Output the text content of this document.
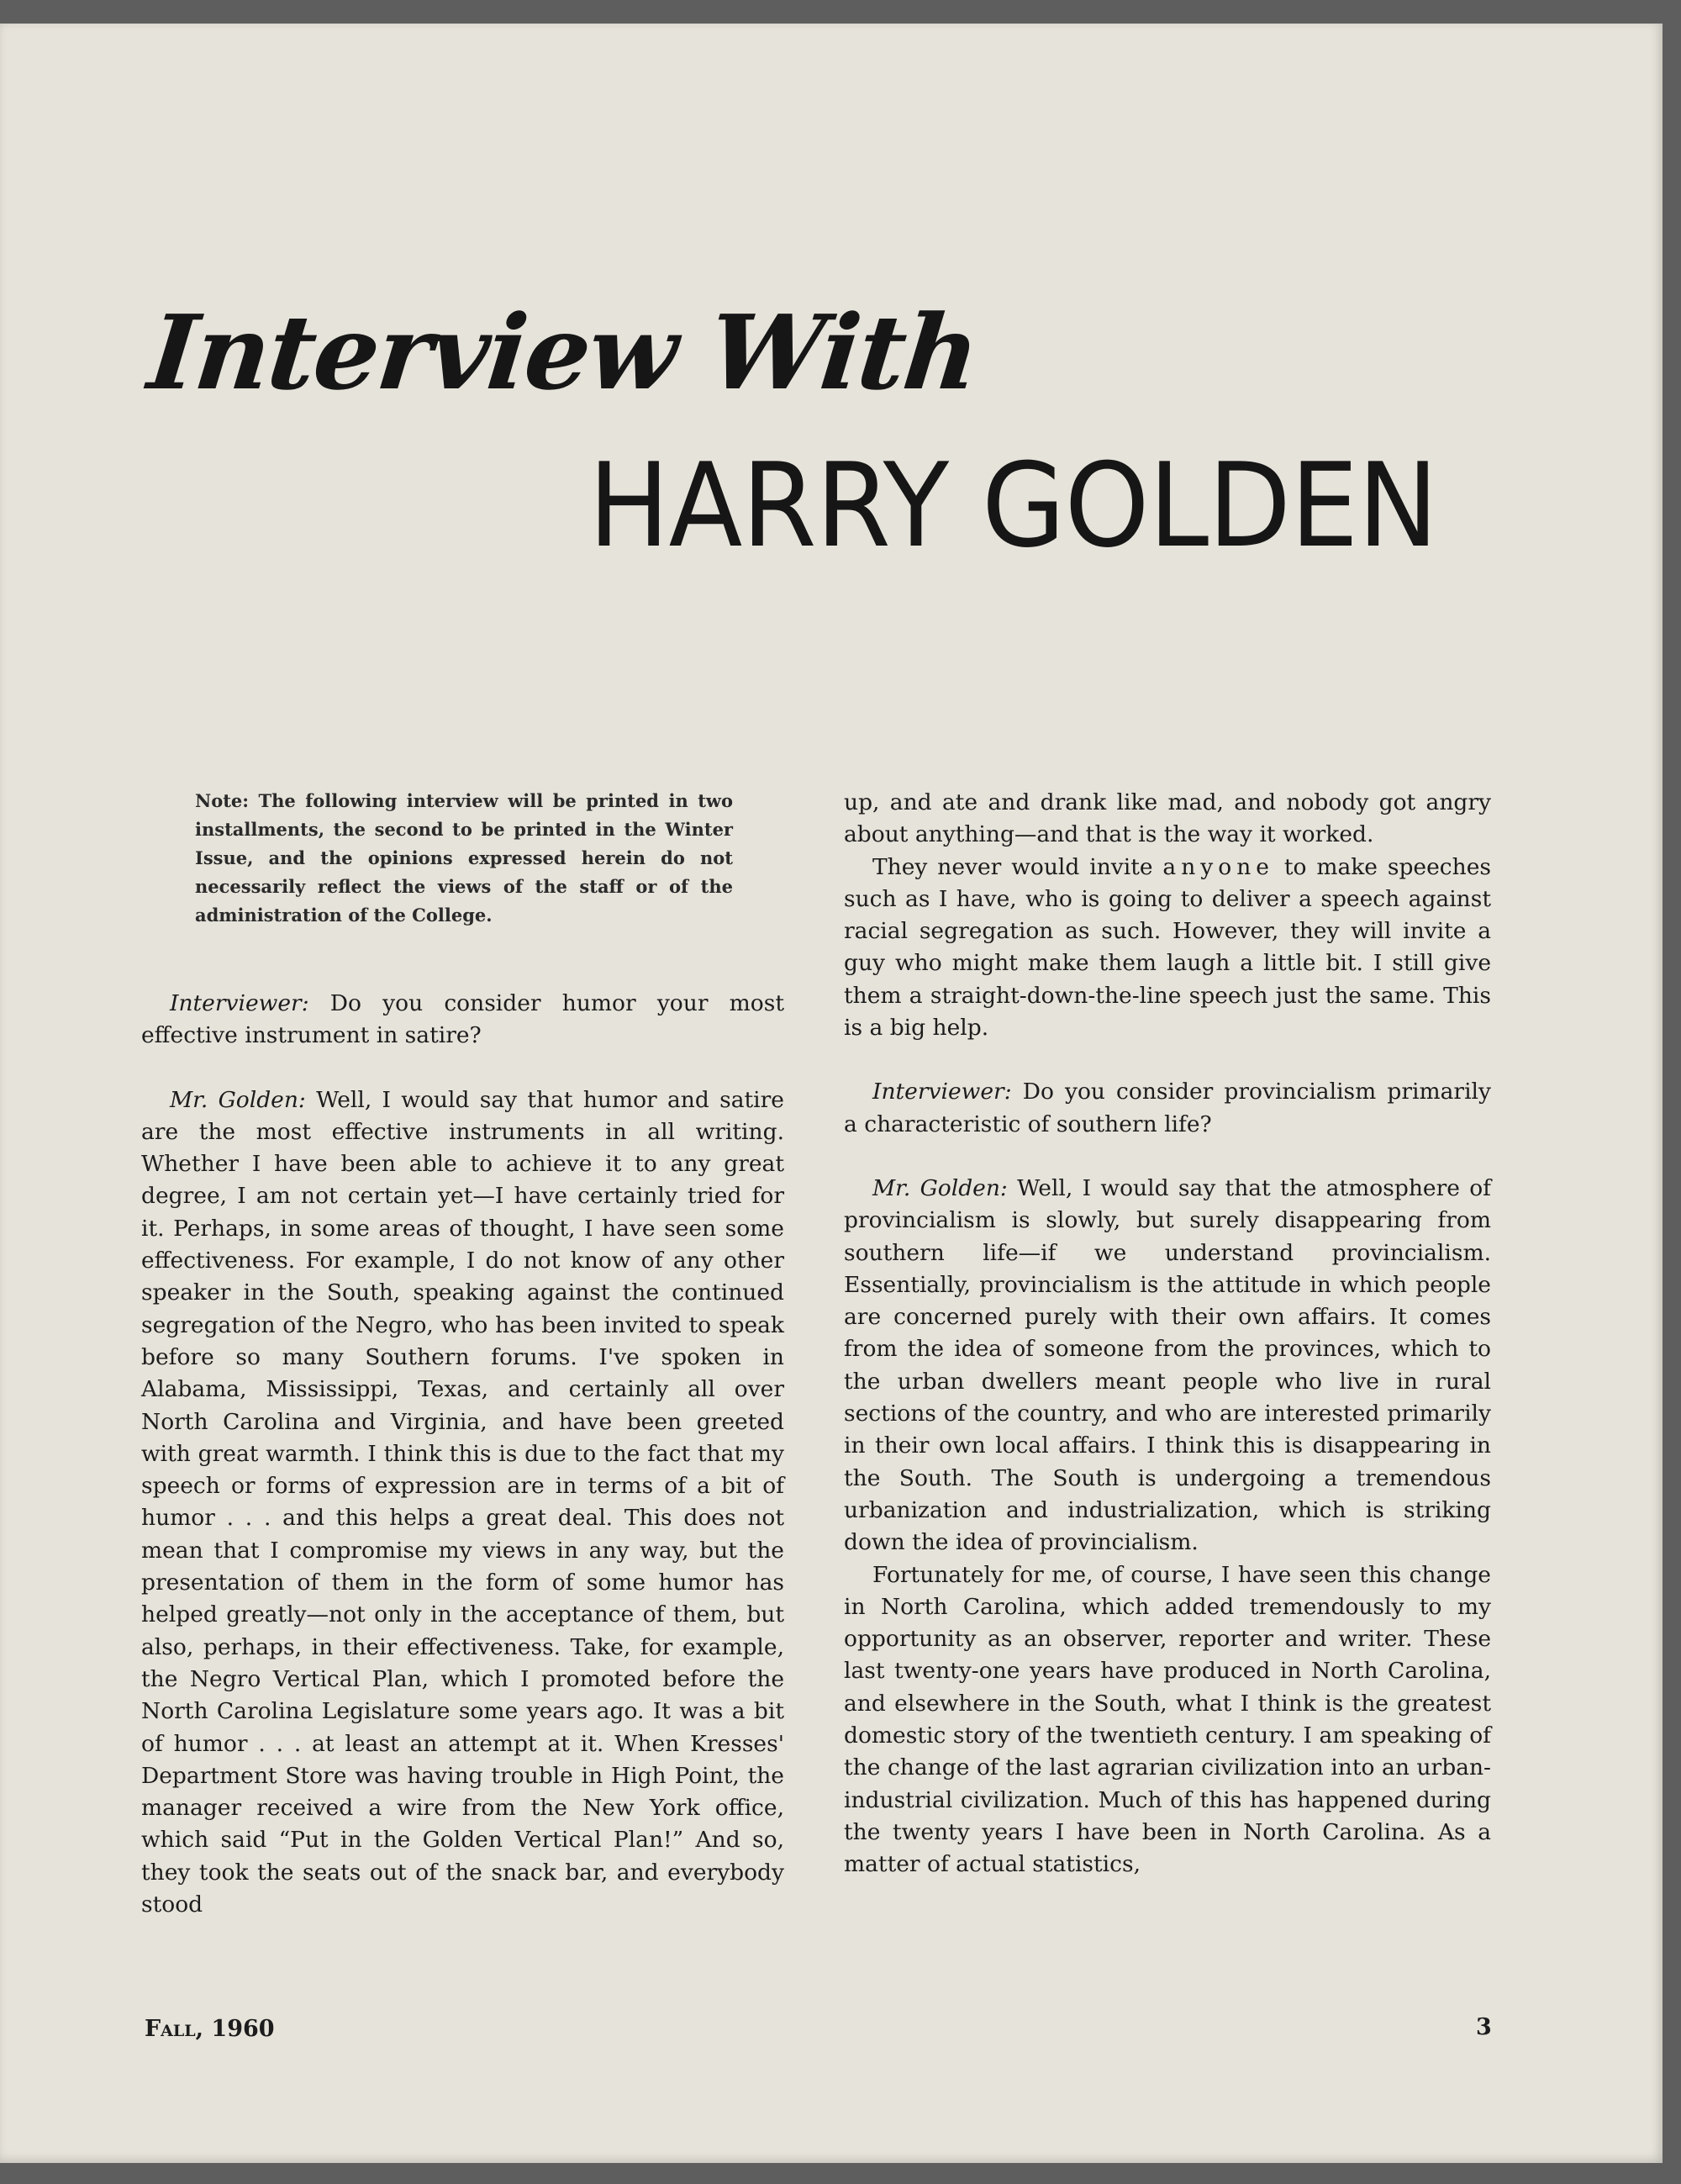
Interview With
HARRY GOLDEN
Note: The following interview will be printed in two installments, the second to be printed in the Winter Issue, and the opinions expressed herein do not necessarily reflect the views of the staff or of the administration of the College.

Interviewer: Do you consider humor your most effective instrument in satire?

Mr. Golden: Well, I would say that humor and satire are the most effective instruments in all writing. Whether I have been able to achieve it to any great degree, I am not certain yet—I have certainly tried for it. Perhaps, in some areas of thought, I have seen some effectiveness. For example, I do not know of any other speaker in the South, speaking against the continued segregation of the Negro, who has been invited to speak before so many Southern forums. I've spoken in Alabama, Mississippi, Texas, and certainly all over North Carolina and Virginia, and have been greeted with great warmth. I think this is due to the fact that my speech or forms of expression are in terms of a bit of humor . . . and this helps a great deal. This does not mean that I compromise my views in any way, but the presentation of them in the form of some humor has helped greatly—not only in the acceptance of them, but also, perhaps, in their effectiveness. Take, for example, the Negro Vertical Plan, which I promoted before the North Carolina Legislature some years ago. It was a bit of humor . . . at least an attempt at it. When Kresses' Department Store was having trouble in High Point, the manager received a wire from the New York office, which said “Put in the Golden Vertical Plan!” And so, they took the seats out of the snack bar, and everybody stood

up, and ate and drank like mad, and nobody got angry about anything—and that is the way it worked.

They never would invite anyone to make speeches such as I have, who is going to deliver a speech against racial segregation as such. However, they will invite a guy who might make them laugh a little bit. I still give them a straight-down-the-line speech just the same. This is a big help.

Interviewer: Do you consider provincialism primarily a characteristic of southern life?

Mr. Golden: Well, I would say that the atmosphere of provincialism is slowly, but surely disappearing from southern life—if we understand provincialism. Essentially, provincialism is the attitude in which people are concerned purely with their own affairs. It comes from the idea of someone from the provinces, which to the urban dwellers meant people who live in rural sections of the country, and who are interested primarily in their own local affairs. I think this is disappearing in the South. The South is undergoing a tremendous urbanization and industrialization, which is striking down the idea of provincialism.

Fortunately for me, of course, I have seen this change in North Carolina, which added tremendously to my opportunity as an observer, reporter and writer. These last twenty-one years have produced in North Carolina, and elsewhere in the South, what I think is the greatest domestic story of the twentieth century. I am speaking of the change of the last agrarian civilization into an urban-industrial civilization. Much of this has happened during the twenty years I have been in North Carolina. As a matter of actual statistics,

Fall, 1960	3
